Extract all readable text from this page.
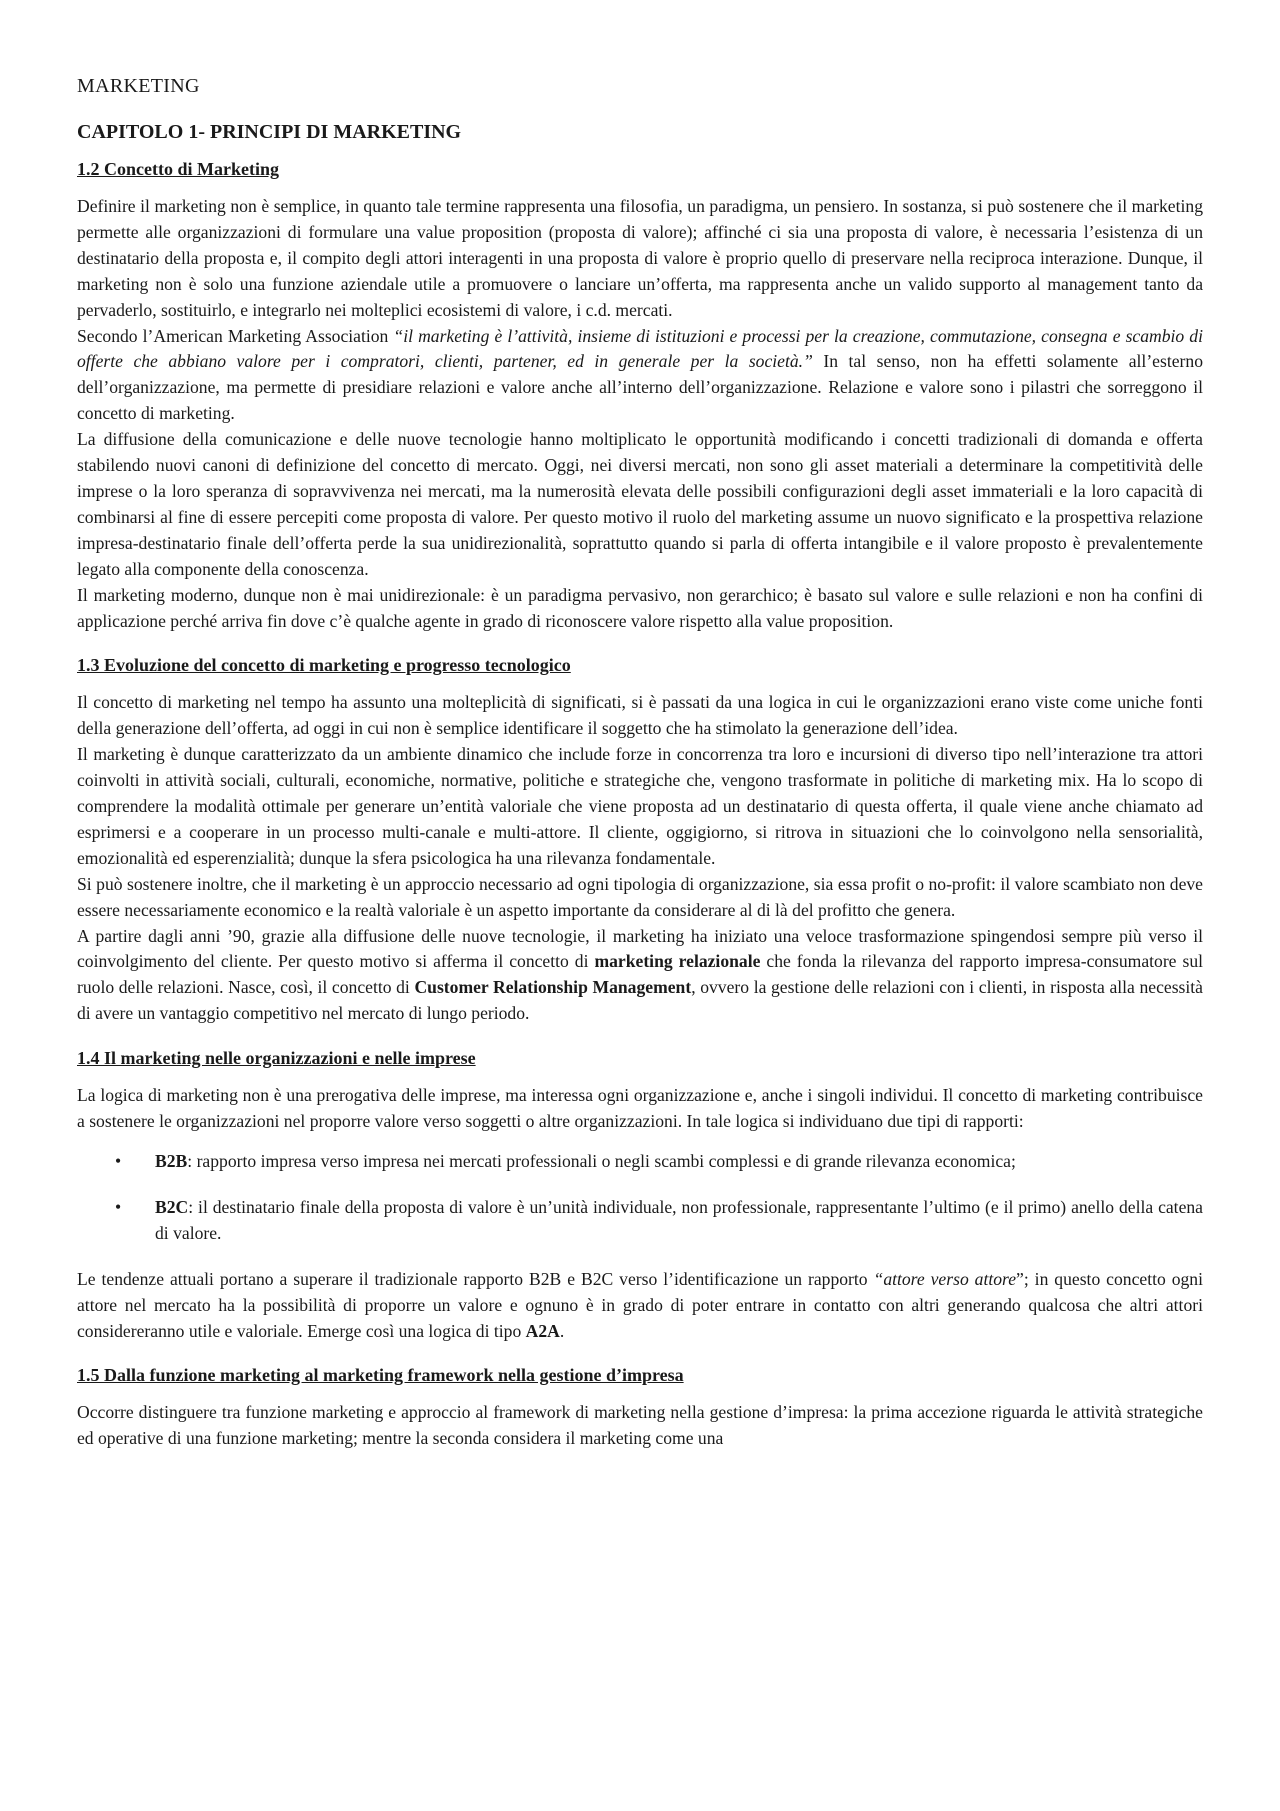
MARKETING
CAPITOLO 1- PRINCIPI DI MARKETING
1.2 Concetto di Marketing

Definire il marketing non è semplice, in quanto tale termine rappresenta una filosofia, un paradigma, un pensiero. In sostanza, si può sostenere che il marketing permette alle organizzazioni di formulare una value proposition (proposta di valore); affinché ci sia una proposta di valore, è necessaria l’esistenza di un destinatario della proposta e, il compito degli attori interagenti in una proposta di valore è proprio quello di preservare nella reciproca interazione. Dunque, il marketing non è solo una funzione aziendale utile a promuovere o lanciare un’offerta, ma rappresenta anche un valido supporto al management tanto da pervaderlo, sostituirlo, e integrarlo nei molteplici ecosistemi di valore, i c.d. mercati.

Secondo l’American Marketing Association “il marketing è l’attività, insieme di istituzioni e processi per la creazione, commutazione, consegna e scambio di offerte che abbiano valore per i compratori, clienti, partener, ed in generale per la società.” In tal senso, non ha effetti solamente all’esterno dell’organizzazione, ma permette di presidiare relazioni e valore anche all’interno dell’organizzazione. Relazione e valore sono i pilastri che sorreggono il concetto di marketing.

La diffusione della comunicazione e delle nuove tecnologie hanno moltiplicato le opportunità modificando i concetti tradizionali di domanda e offerta stabilendo nuovi canoni di definizione del concetto di mercato. Oggi, nei diversi mercati, non sono gli asset materiali a determinare la competitività delle imprese o la loro speranza di sopravvivenza nei mercati, ma la numerosità elevata delle possibili configurazioni degli asset immateriali e la loro capacità di combinarsi al fine di essere percepiti come proposta di valore. Per questo motivo il ruolo del marketing assume un nuovo significato e la prospettiva relazione impresa-destinatario finale dell’offerta perde la sua unidirezionalità, soprattutto quando si parla di offerta intangibile e il valore proposto è prevalentemente legato alla componente della conoscenza.

Il marketing moderno, dunque non è mai unidirezionale: è un paradigma pervasivo, non gerarchico; è basato sul valore e sulle relazioni e non ha confini di applicazione perché arriva fin dove c’è qualche agente in grado di riconoscere valore rispetto alla value proposition.

1.3 Evoluzione del concetto di marketing e progresso tecnologico

Il concetto di marketing nel tempo ha assunto una molteplicità di significati, si è passati da una logica in cui le organizzazioni erano viste come uniche fonti della generazione dell’offerta, ad oggi in cui non è semplice identificare il soggetto che ha stimolato la generazione dell’idea.

Il marketing è dunque caratterizzato da un ambiente dinamico che include forze in concorrenza tra loro e incursioni di diverso tipo nell’interazione tra attori coinvolti in attività sociali, culturali, economiche, normative, politiche e strategiche che, vengono trasformate in politiche di marketing mix. Ha lo scopo di comprendere la modalità ottimale per generare un’entità valoriale che viene proposta ad un destinatario di questa offerta, il quale viene anche chiamato ad esprimersi e a cooperare in un processo multi-canale e multi-attore. Il cliente, oggigiorno, si ritrova in situazioni che lo coinvolgono nella sensorialità, emozionalità ed esperenzialità; dunque la sfera psicologica ha una rilevanza fondamentale.

Si può sostenere inoltre, che il marketing è un approccio necessario ad ogni tipologia di organizzazione, sia essa profit o no-profit: il valore scambiato non deve essere necessariamente economico e la realtà valoriale è un aspetto importante da considerare al di là del profitto che genera.

A partire dagli anni ’90, grazie alla diffusione delle nuove tecnologie, il marketing ha iniziato una veloce trasformazione spingendosi sempre più verso il coinvolgimento del cliente. Per questo motivo si afferma il concetto di marketing relazionale che fonda la rilevanza del rapporto impresa-consumatore sul ruolo delle relazioni. Nasce, così, il concetto di Customer Relationship Management, ovvero la gestione delle relazioni con i clienti, in risposta alla necessità di avere un vantaggio competitivo nel mercato di lungo periodo.

1.4 Il marketing nelle organizzazioni e nelle imprese

La logica di marketing non è una prerogativa delle imprese, ma interessa ogni organizzazione e, anche i singoli individui. Il concetto di marketing contribuisce a sostenere le organizzazioni nel proporre valore verso soggetti o altre organizzazioni. In tale logica si individuano due tipi di rapporti:

• B2B: rapporto impresa verso impresa nei mercati professionali o negli scambi complessi e di grande rilevanza economica;
• B2C: il destinatario finale della proposta di valore è un’unità individuale, non professionale, rappresentante l’ultimo (e il primo) anello della catena di valore.

Le tendenze attuali portano a superare il tradizionale rapporto B2B e B2C verso l’identificazione un rapporto “attore verso attore”; in questo concetto ogni attore nel mercato ha la possibilità di proporre un valore e ognuno è in grado di poter entrare in contatto con altri generando qualcosa che altri attori considereranno utile e valoriale. Emerge così una logica di tipo A2A.

1.5 Dalla funzione marketing al marketing framework nella gestione d’impresa

Occorre distinguere tra funzione marketing e approccio al framework di marketing nella gestione d’impresa: la prima accezione riguarda le attività strategiche ed operative di una funzione marketing; mentre la seconda considera il marketing come una
